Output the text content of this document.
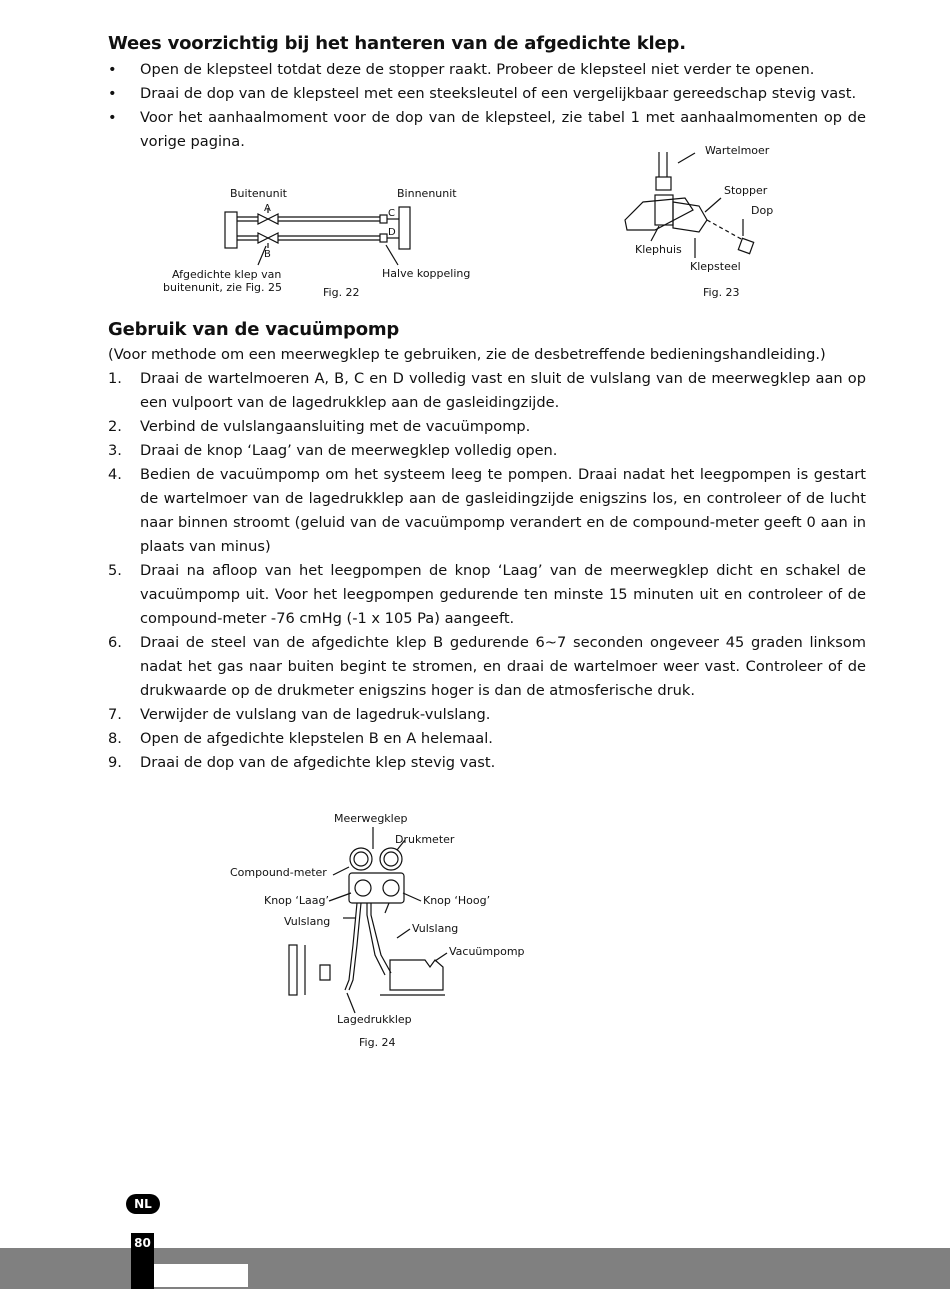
Wees voorzichtig bij het hanteren van de afgedichte klep.
• Open de klepsteel totdat deze de stopper raakt. Probeer de klepsteel niet verder te openen.
• Draai de dop van de klepsteel met een steeksleutel of een vergelijkbaar gereedschap stevig vast.
• Voor het aanhaalmoment voor de dop van de klepsteel, zie tabel 1 met aanhaalmomenten op de vorige pagina.
Buitenunit	Binnenunit
A
B
C
D
Afgedichte klep van
buitenunit, zie Fig. 25
Halve koppeling
Fig. 22
Wartelmoer
Stopper
Dop
Klephuis
Klepsteel
Fig. 23
Gebruik van de vacuümpomp
(Voor methode om een meerwegklep te gebruiken, zie de desbetreffende bedieningshandleiding.)
1. Draai de wartelmoeren A, B, C en D volledig vast en sluit de vulslang van de meerwegklep aan op een vulpoort van de lagedrukklep aan de gasleidingzijde.
2. Verbind de vulslangaansluiting met de vacuümpomp.
3. Draai de knop ‘Laag’ van de meerwegklep volledig open.
4. Bedien de vacuümpomp om het systeem leeg te pompen. Draai nadat het leegpompen is gestart de wartelmoer van de lagedrukklep aan de gasleidingzijde enigszins los, en controleer of de lucht naar binnen stroomt (geluid van de vacuümpomp verandert en de compound-meter geeft 0 aan in plaats van minus)
5. Draai na afloop van het leegpompen de knop ‘Laag’ van de meerwegklep dicht en schakel de vacuümpomp uit. Voor het leegpompen gedurende ten minste 15 minuten uit en controleer of de compound-meter -76 cmHg (-1 x 105 Pa) aangeeft.
6. Draai de steel van de afgedichte klep B gedurende 6~7 seconden ongeveer 45 graden linksom nadat het gas naar buiten begint te stromen, en draai de wartelmoer weer vast. Controleer of de drukwaarde op de drukmeter enigszins hoger is dan de atmosferische druk.
7. Verwijder de vulslang van de lagedruk-vulslang.
8. Open de afgedichte klepstelen B en A helemaal.
9. Draai de dop van de afgedichte klep stevig vast.
Meerwegklep
Drukmeter
Compound-meter
Knop ‘Laag’	Knop ‘Hoog’
Vulslang
Vulslang
Vacuümpomp
Lagedrukklep
Fig. 24
NL
80
